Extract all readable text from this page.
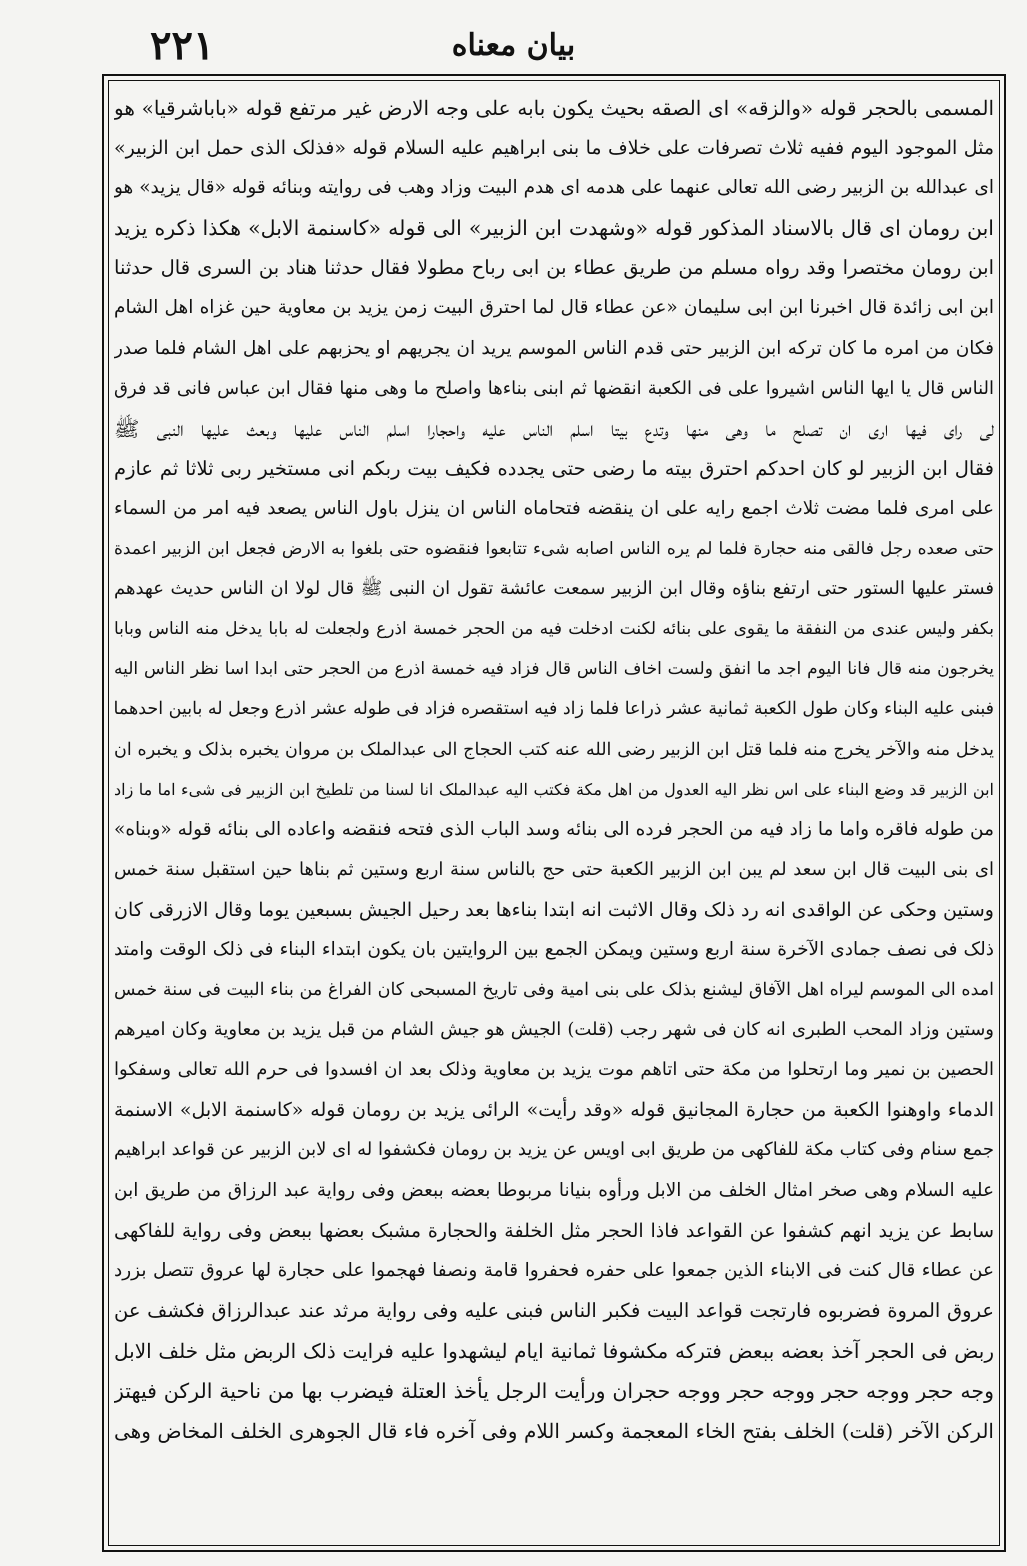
٢٢١	بیان معناه
المسمى بالحجر قوله «والزقه» ای الصقه بحیث یکون بابه علی وجه الارض غیر مرتفع قوله «باباشرقیا» هو
مثل الموجود الیوم ففیه ثلاث تصرفات علی خلاف ما بنی ابراهیم علیه السلام قوله «فذلک الذی حمل ابن الزبیر»
ای عبدالله بن الزبیر رضی الله تعالی عنهما علی هدمه ای هدم البیت وزاد وهب فی روایته وبنائه قوله «قال یزید» هو
ابن رومان ای قال بالاسناد المذکور قوله «وشهدت ابن الزبیر» الی قوله «کاسنمة الابل» هکذا ذکره یزید
ابن رومان مختصرا وقد رواه مسلم من طریق عطاء بن ابی رباح مطولا فقال حدثنا هناد بن السری قال حدثنا
ابن ابی زائدة قال اخبرنا ابن ابی سلیمان «عن عطاء قال لما احترق البیت زمن یزید بن معاویة حین غزاه اهل الشام
فکان من امره ما کان ترکه ابن الزبیر حتی قدم الناس الموسم یرید ان یجریهم او یحزبهم علی اهل الشام فلما صدر
الناس قال یا ایها الناس اشیروا علی فی الکعبة انقضها ثم ابنی بناءها واصلح ما وهی منها فقال ابن عباس فانی قد فرق
لی رای فیها اری ان تصلح ما وهی منها وتدع بیتا اسلم الناس علیه واحجارا اسلم الناس علیها وبعث علیها النبی ﷺ
فقال ابن الزبیر لو کان احدکم احترق بیته ما رضی حتی یجدده فکیف بیت ربکم انی مستخیر ربی ثلاثا ثم عازم
علی امری فلما مضت ثلاث اجمع رایه علی ان ینقضه فتحاماه الناس ان ینزل باول الناس یصعد فیه امر من السماء
حتی صعده رجل فالقی منه حجارة فلما لم یره الناس اصابه شیء تتابعوا فنقضوه حتی بلغوا به الارض فجعل ابن الزبیر اعمدة
فستر علیها الستور حتی ارتفع بناؤه وقال ابن الزبیر سمعت عائشة تقول ان النبی ﷺ قال لولا ان الناس حدیث عهدهم
بکفر ولیس عندی من النفقة ما یقوی علی بنائه لکنت ادخلت فیه من الحجر خمسة اذرع ولجعلت له بابا یدخل منه الناس وبابا
یخرجون منه قال فانا الیوم اجد ما انفق ولست اخاف الناس قال فزاد فیه خمسة اذرع من الحجر حتی ابدا اسا نظر الناس الیه
فبنی علیه البناء وکان طول الکعبة ثمانیة عشر ذراعا فلما زاد فیه استقصره فزاد فی طوله عشر اذرع وجعل له بابین احدهما
یدخل منه والآخر یخرج منه فلما قتل ابن الزبیر رضی الله عنه کتب الحجاج الی عبدالملک بن مروان یخبره بذلک و یخبره ان
ابن الزبیر قد وضع البناء علی اس نظر الیه العدول من اهل مکة فکتب الیه عبدالملک انا لسنا من تلطیخ ابن الزبیر فی شیء اما ما زاد
من طوله فاقره واما ما زاد فیه من الحجر فرده الی بنائه وسد الباب الذی فتحه فنقضه واعاده الی بنائه قوله «وبناه»
ای بنی البیت قال ابن سعد لم یبن ابن الزبیر الکعبة حتی حج بالناس سنة اربع وستین ثم بناها حین استقبل سنة خمس
وستین وحکی عن الواقدی انه رد ذلک وقال الاثبت انه ابتدا بناءها بعد رحیل الجیش بسبعین یوما وقال الازرقی کان
ذلک فی نصف جمادی الآخرة سنة اربع وستین ویمکن الجمع بین الروایتین بان یکون ابتداء البناء فی ذلک الوقت وامتد
امده الی الموسم لیراه اهل الآفاق لیشنع بذلک علی بنی امیة وفی تاریخ المسبحی کان الفراغ من بناء البیت فی سنة خمس
وستین وزاد المحب الطبری انه کان فی شهر رجب (قلت) الجیش هو جیش الشام من قبل یزید بن معاویة وکان امیرهم
الحصین بن نمیر وما ارتحلوا من مکة حتی اتاهم موت یزید بن معاویة وذلک بعد ان افسدوا فی حرم الله تعالی وسفکوا
الدماء واوهنوا الکعبة من حجارة المجانیق قوله «وقد رأیت» الرائی یزید بن رومان قوله «کاسنمة الابل» الاسنمة
جمع سنام وفی کتاب مکة للفاکهی من طریق ابی اویس عن یزید بن رومان فکشفوا له ای لابن الزبیر عن قواعد ابراهیم
علیه السلام وهی صخر امثال الخلف من الابل ورأوه بنیانا مربوطا بعضه ببعض وفی روایة عبد الرزاق من طریق ابن
سابط عن یزید انهم کشفوا عن القواعد فاذا الحجر مثل الخلفة والحجارة مشبک بعضها ببعض وفی روایة للفاکهی
عن عطاء قال کنت فی الابناء الذین جمعوا علی حفره فحفروا قامة ونصفا فهجموا علی حجارة لها عروق تتصل بزرد
عروق المروة فضربوه فارتجت قواعد البیت فکبر الناس فبنی علیه وفی روایة مرثد عند عبدالرزاق فکشف عن
ربض فی الحجر آخذ بعضه ببعض فترکه مکشوفا ثمانیة ایام لیشهدوا علیه فرایت ذلک الربض مثل خلف الابل
وجه حجر ووجه حجر ووجه حجر ووجه حجران ورأیت الرجل یأخذ العتلة فیضرب بها من ناحیة الرکن فیهتز
الرکن الآخر (قلت) الخلف بفتح الخاء المعجمة وکسر اللام وفی آخره فاء قال الجوهری الخلف المخاض وهی
